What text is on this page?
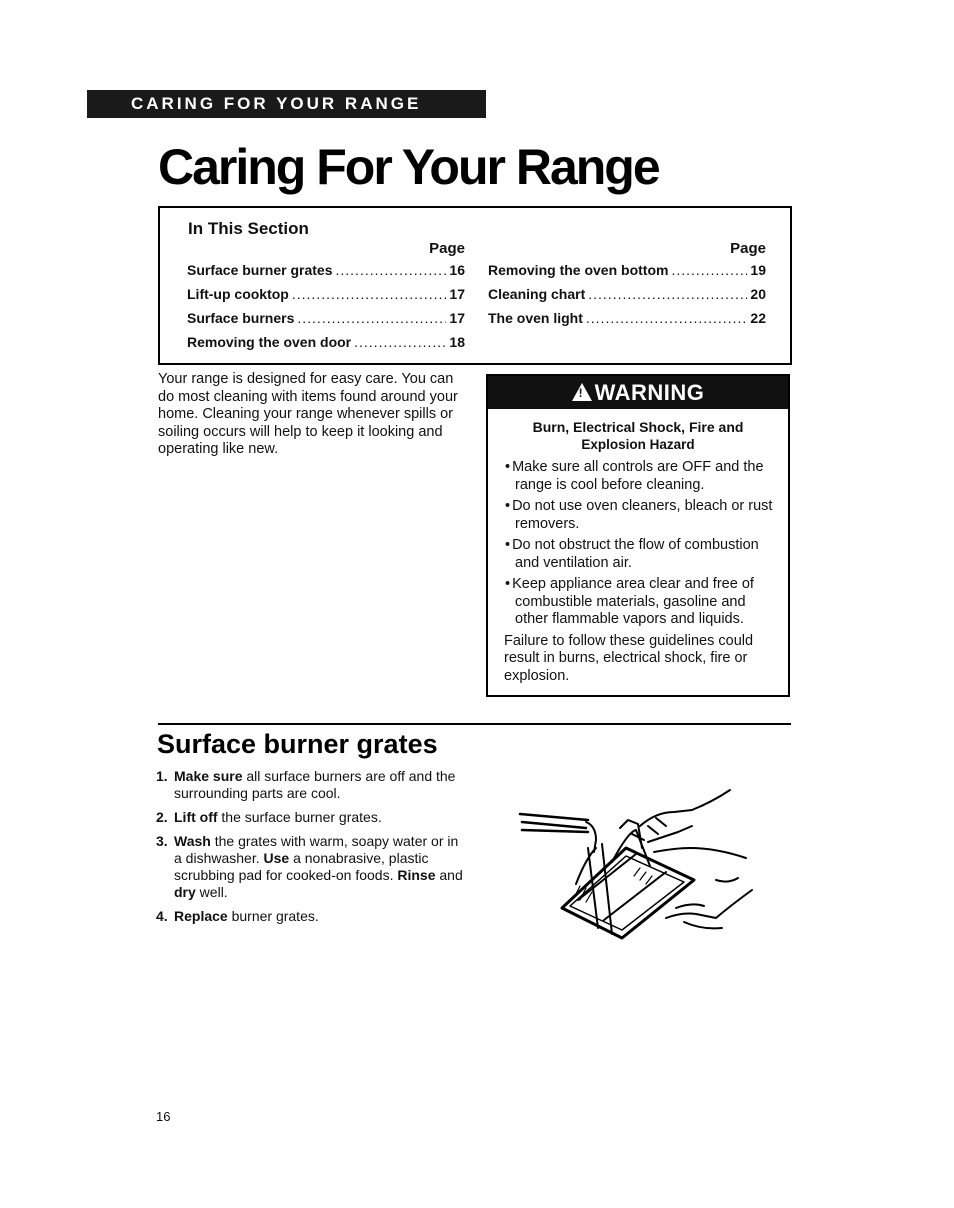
CARING FOR YOUR RANGE
Caring For Your Range
In This Section
Page
Surface burner grates .....	16
Lift-up cooktop .....	17
Surface burners .....	17
Removing the oven door .....	18
Page
Removing the oven bottom .....	19
Cleaning chart .....	20
The oven light .....	22

Your range is designed for easy care. You can do most cleaning with items found around your home. Cleaning your range whenever spills or soiling occurs will help to keep it looking and operating like new.

!
WARNING
Burn, Electrical Shock, Fire and
Explosion Hazard
• Make sure all controls are OFF and the range is cool before cleaning.
• Do not use oven cleaners, bleach or rust removers.
• Do not obstruct the flow of combustion and ventilation air.
• Keep appliance area clear and free of combustible materials, gasoline and other flammable vapors and liquids.

Failure to follow these guidelines could result in burns, electrical shock, fire or explosion.

Surface burner grates
1. Make sure all surface burners are off and the surrounding parts are cool.
2. Lift off the surface burner grates.
3. Wash the grates with warm, soapy water or in a dishwasher. Use a nonabrasive, plastic scrubbing pad for cooked-on foods. Rinse and dry well.
4. Replace burner grates.
16
